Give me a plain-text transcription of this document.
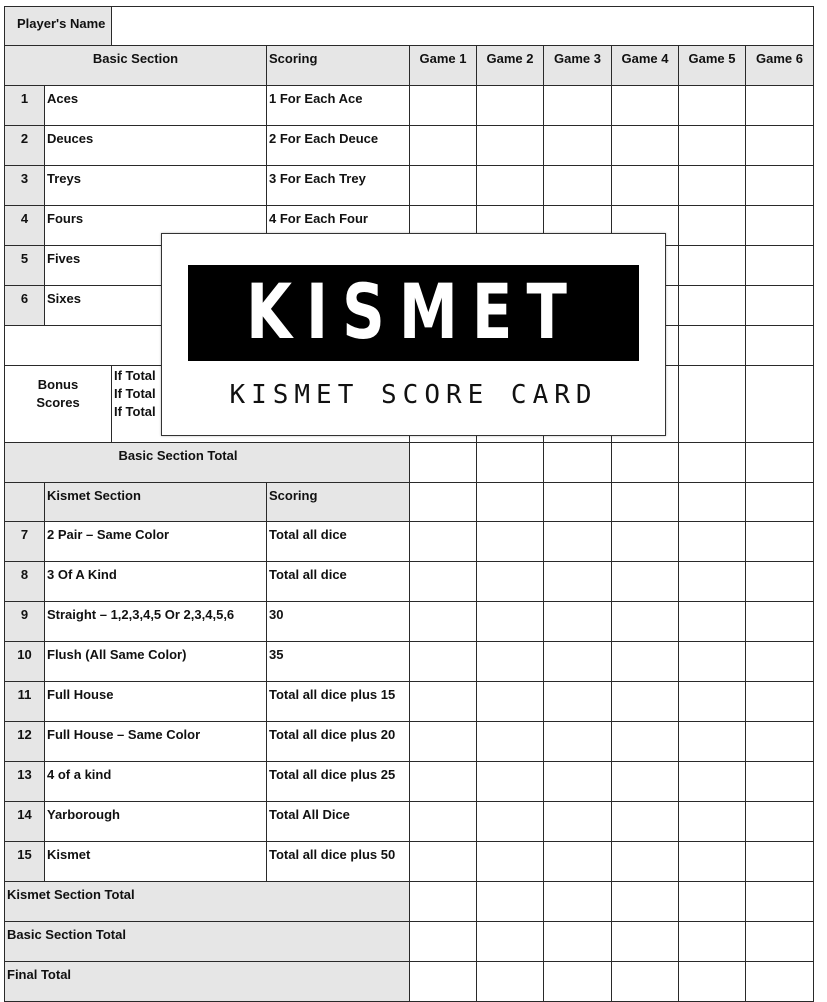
Player's Name									

Basic Section			Scoring	Game 1	Game 2	Game 3	Game 4	Game 5	Game 6

1	Aces		1 For Each Ace						

2	Deuces		2 For Each Deuce						

3	Treys		3 For Each Trey						

4	Fours		4 For Each Four						

5	Fives								

6	Sixes								

Bonus
Scores		If Total
If Total
If Total							

Basic Section Total									

	Kismet Section		Scoring						

7	2 Pair – Same Color		Total all dice						

8	3 Of A Kind		Total all dice						

9	Straight – 1,2,3,4,5 Or 2,3,4,5,6		30						

10	Flush (All Same Color)		35						

11	Full House		Total all dice plus 15						

12	Full House – Same Color		Total all dice plus 20						

13	4 of a kind		Total all dice plus 25						

14	Yarborough		Total All Dice						

15	Kismet		Total all dice plus 50						

Kismet Section Total									

Basic Section Total									

Final Total									

KISMET
KISMET SCORE CARD
